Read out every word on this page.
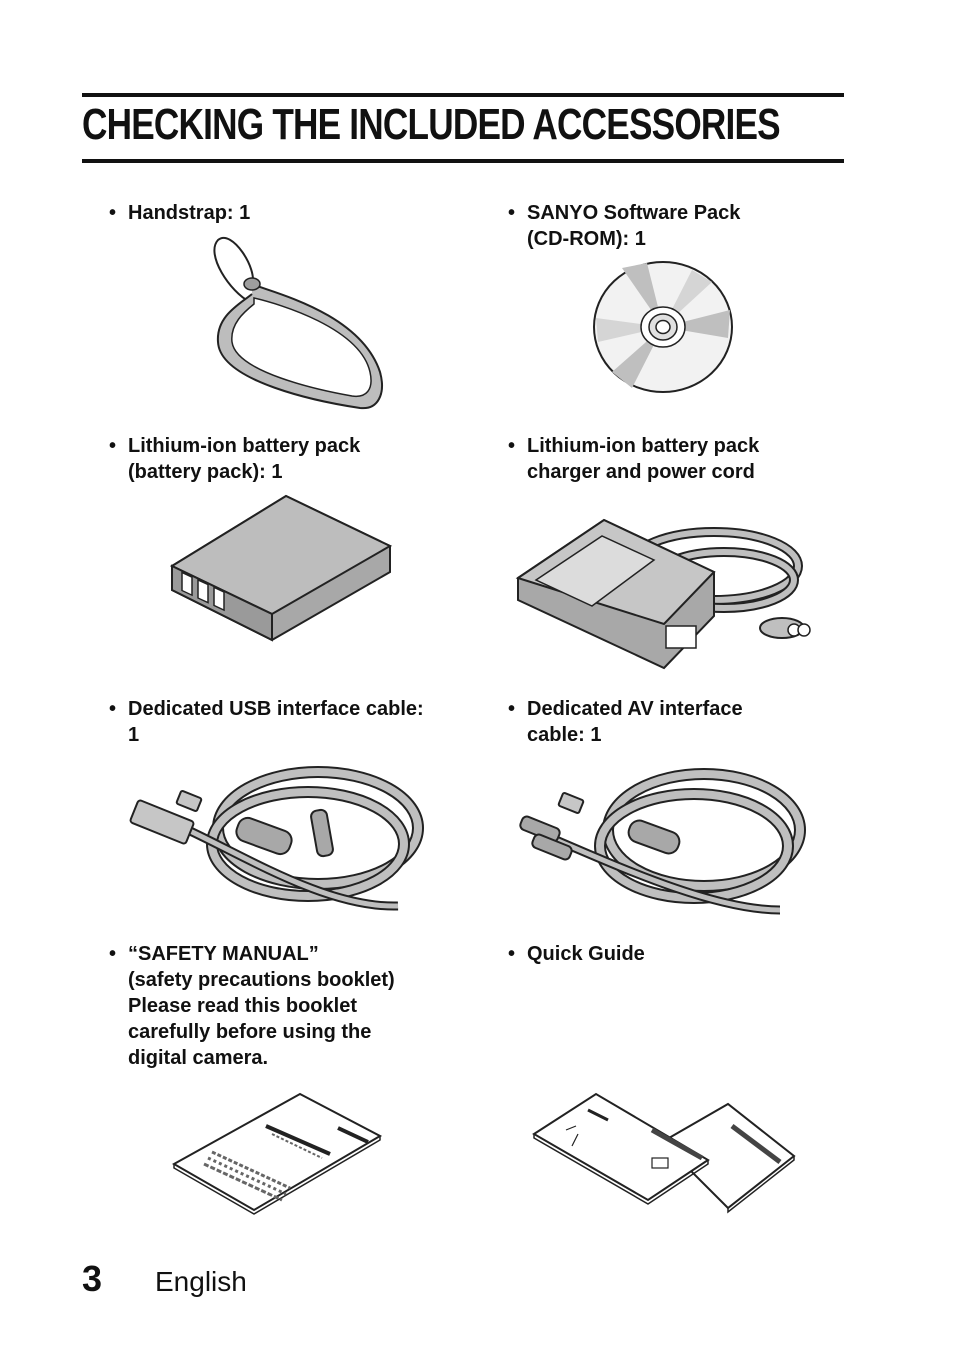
CHECKING THE INCLUDED ACCESSORIES
• Handstrap: 1	• SANYO Software Pack
(CD-ROM): 1
• Lithium-ion battery pack
(battery pack): 1
• Lithium-ion battery pack
charger and power cord
• Dedicated USB interface cable:
1
• Dedicated AV interface
cable: 1
• “SAFETY MANUAL”
(safety precautions booklet)
Please read this booklet
carefully before using the
digital camera.
• Quick Guide
3 English
